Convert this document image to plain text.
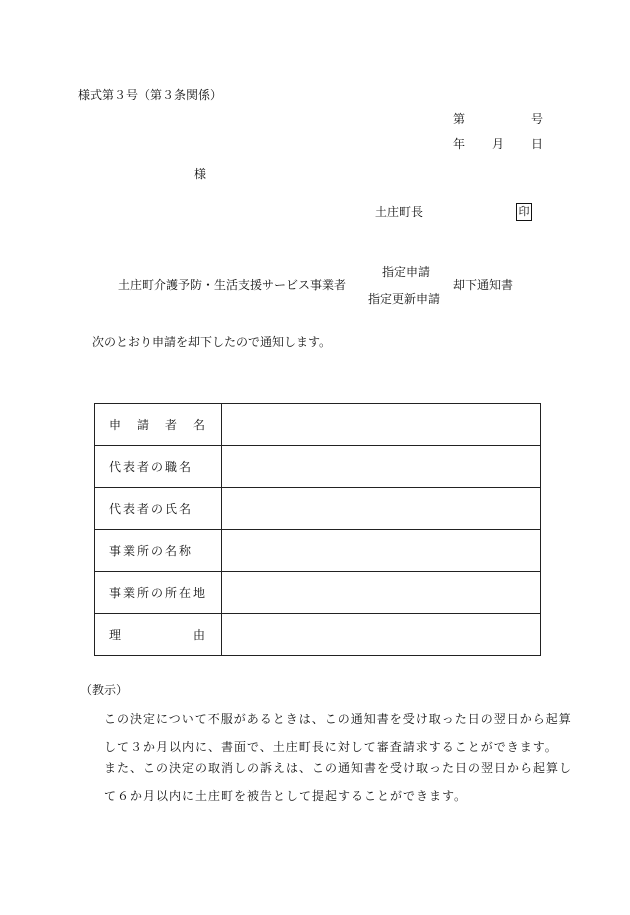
様式第３号（第３条関係）
第	号
年 月 日
様
土庄町長	印
土庄町介護予防・生活支援サービス事業者
指定申請
指定更新申請
却下通知書
次のとおり申請を却下したので通知します。
申　請　者　名	
代表者の職名	
代表者の氏名	
事業所の名称	
事業所の所在地	
理　　　　　由	
（教示）
この決定について不服があるときは、この通知書を受け取った日の翌日から起算して３か月以内に、書面で、土庄町長に対して審査請求することができます。
また、この決定の取消しの訴えは、この通知書を受け取った日の翌日から起算して６か月以内に土庄町を被告として提起することができます。
